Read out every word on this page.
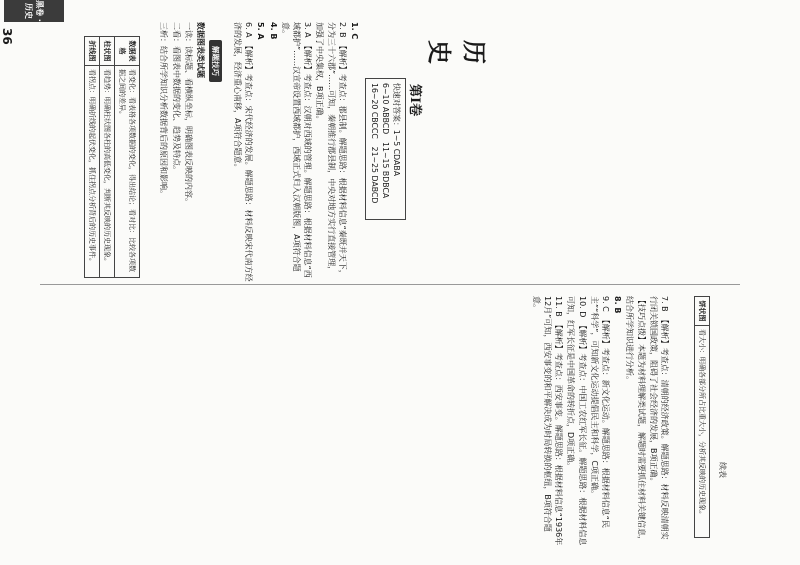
续表
历史
第Ⅰ卷
快速对答案：1~5 CDABA
6~10 ABBCD　11~15 BDBCA
16~20 CBCCC　21~25 DABCD

1. C

2. B　【解析】考查点：郡县制。解题思路：根据材料信息“秦既并天下，分为三十六郡”……可知，秦朝推行郡县制，中央对地方实行直接管理，加强了中央集权，B项正确。

3. A　【解析】考查点：汉朝对西域的管理。解题思路：根据材料信息“西域都护”……汉宣帝设置西域都护，西域正式归入汉朝版图，A项符合题意。

4. B

5. A

6. A　【解析】考查点：宋代经济的发展。解题思路：材料反映宋代南方经济的发展，经济重心南移，A项符合题意。

解题技巧

数据图表类试题

一读：读标题、看横纵坐标，明确图表反映的内容。

二看：看图表中数据的变化、趋势及特点。

三析：结合所学知识分析数据背后的原因和影响。

数据表格
看变化：看表格各项数据的变化，得出结论；看对比：比较各项数据之间的差异。
柱状图
看趋势：明确柱状图各柱的高低变化，判断其反映的历史现象。
折线图
看拐点：明确折线的起伏变化，抓住拐点分析背后的历史事件。
饼状图
看大小：明确各部分所占比重大小，分析其反映的历史现象。

7. B　【解析】考查点：清朝的经济政策。解题思路：材料反映清朝实行闭关锁国政策，阻碍了社会经济的发展，B项正确。

【技巧点拨】本题为材料理解类试题，解题时需要抓住材料关键信息，结合所学知识进行分析。

8. B

9. C　【解析】考查点：新文化运动。解题思路：根据材料信息“民主”“科学”，可知新文化运动提倡民主和科学，C项正确。

10. D　【解析】考查点：中国工农红军长征。解题思路：根据材料信息可知，红军长征是中国革命的转折点，D项正确。

11. B　【解析】考查点：西安事变。解题思路：根据材料信息“1936年12月”可知，西安事变的和平解决成为时局转换的枢纽，B项符合题意。

黑卷 · 历史
36
